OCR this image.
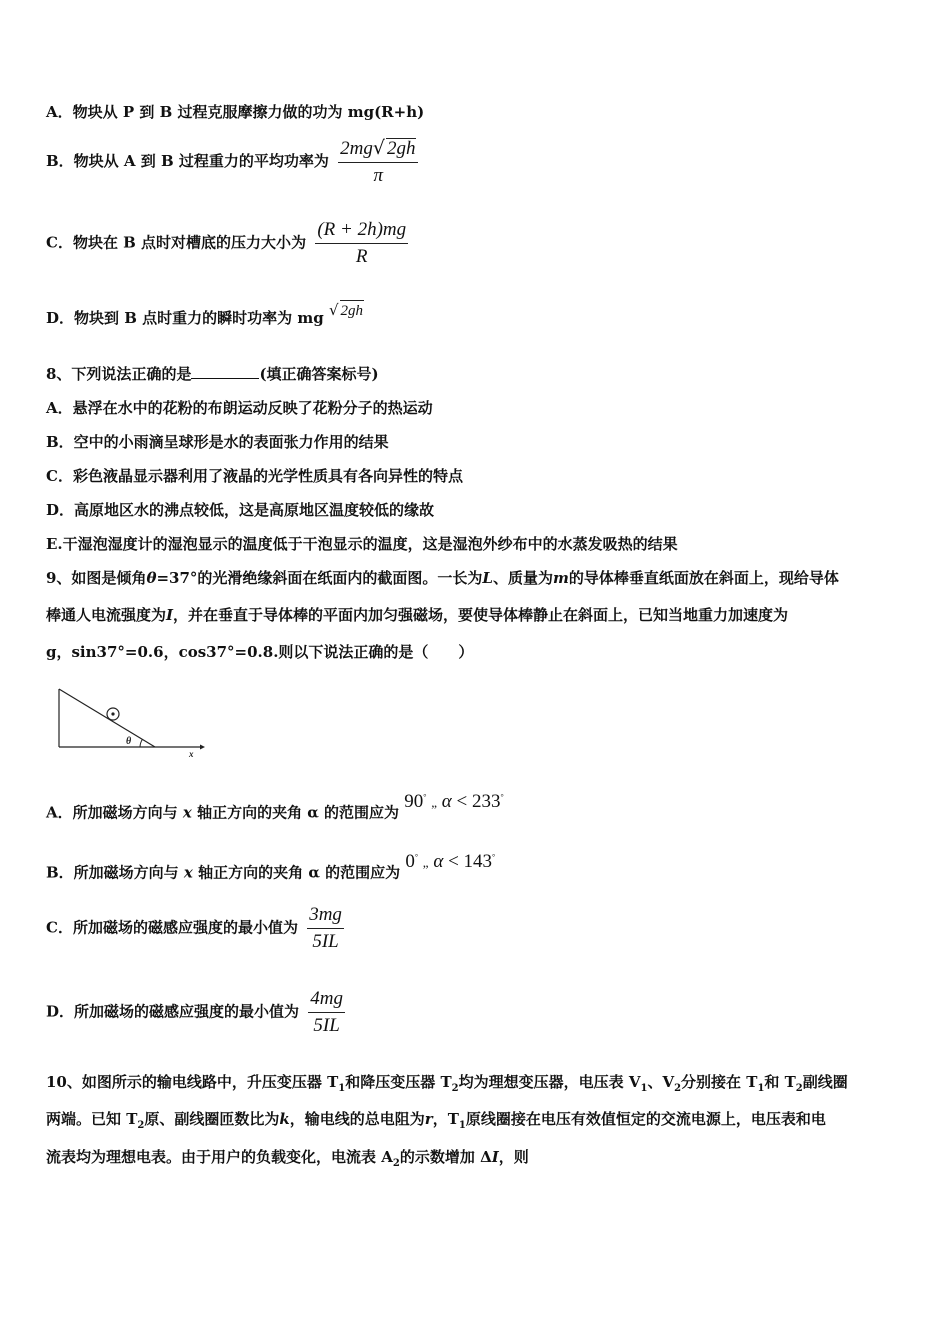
A．物块从 P 到 B 过程克服摩擦力做的功为 mg(R+h)
B．物块从 A 到 B 过程重力的平均功率为 $\frac{2mg√ 2gh}{\pi}$
C．物块在 B 点时对槽底的压力大小为 $\frac{(R + 2h)mg}{R}$
D．物块到 B 点时重力的瞬时功率为 mg √ 2gh
8、下列说法正确的是	(填正确答案标号)
A．悬浮在水中的花粉的布朗运动反映了花粉分子的热运动
B．空中的小雨滴呈球形是水的表面张力作用的结果
C．彩色液晶显示器利用了液晶的光学性质具有各向异性的特点
D．高原地区水的沸点较低，这是高原地区温度较低的缘故
E.干湿泡湿度计的湿泡显示的温度低于干泡显示的温度，这是湿泡外纱布中的水蒸发吸热的结果
9、如图是倾角θ=37°的光滑绝缘斜面在纸面内的截面图。一长为L、质量为m的导体棒垂直纸面放在斜面上，现给导体
棒通人电流强度为I，并在垂直于导体棒的平面内加匀强磁场，要使导体棒静止在斜面上，已知当地重力加速度为
g，sin37°=0.6，cos37°=0.8.则以下说法正确的是（　　）
θ
x
A．所加磁场方向与 x 轴正方向的夹角 α 的范围应为 90° „ α < 233°
B．所加磁场方向与 x 轴正方向的夹角 α 的范围应为 0° „ α < 143°
C．所加磁场的磁感应强度的最小值为 $\frac{3mg}{5IL}$
D．所加磁场的磁感应强度的最小值为 $\frac{4mg}{5IL}$
10、如图所示的输电线路中，升压变压器 $T_1$和降压变压器 $T_2$均为理想变压器，电压表 $V_1$、$V_2$分别接在 $T_1$和 $T_2$副线圈
两端。已知 $T_2$原、副线圈匝数比为k，输电线的总电阻为r，$T_1$原线圈接在电压有效值恒定的交流电源上，电压表和电
流表均为理想电表。由于用户的负载变化，电流表 $A_2$的示数增加 ΔI，则
